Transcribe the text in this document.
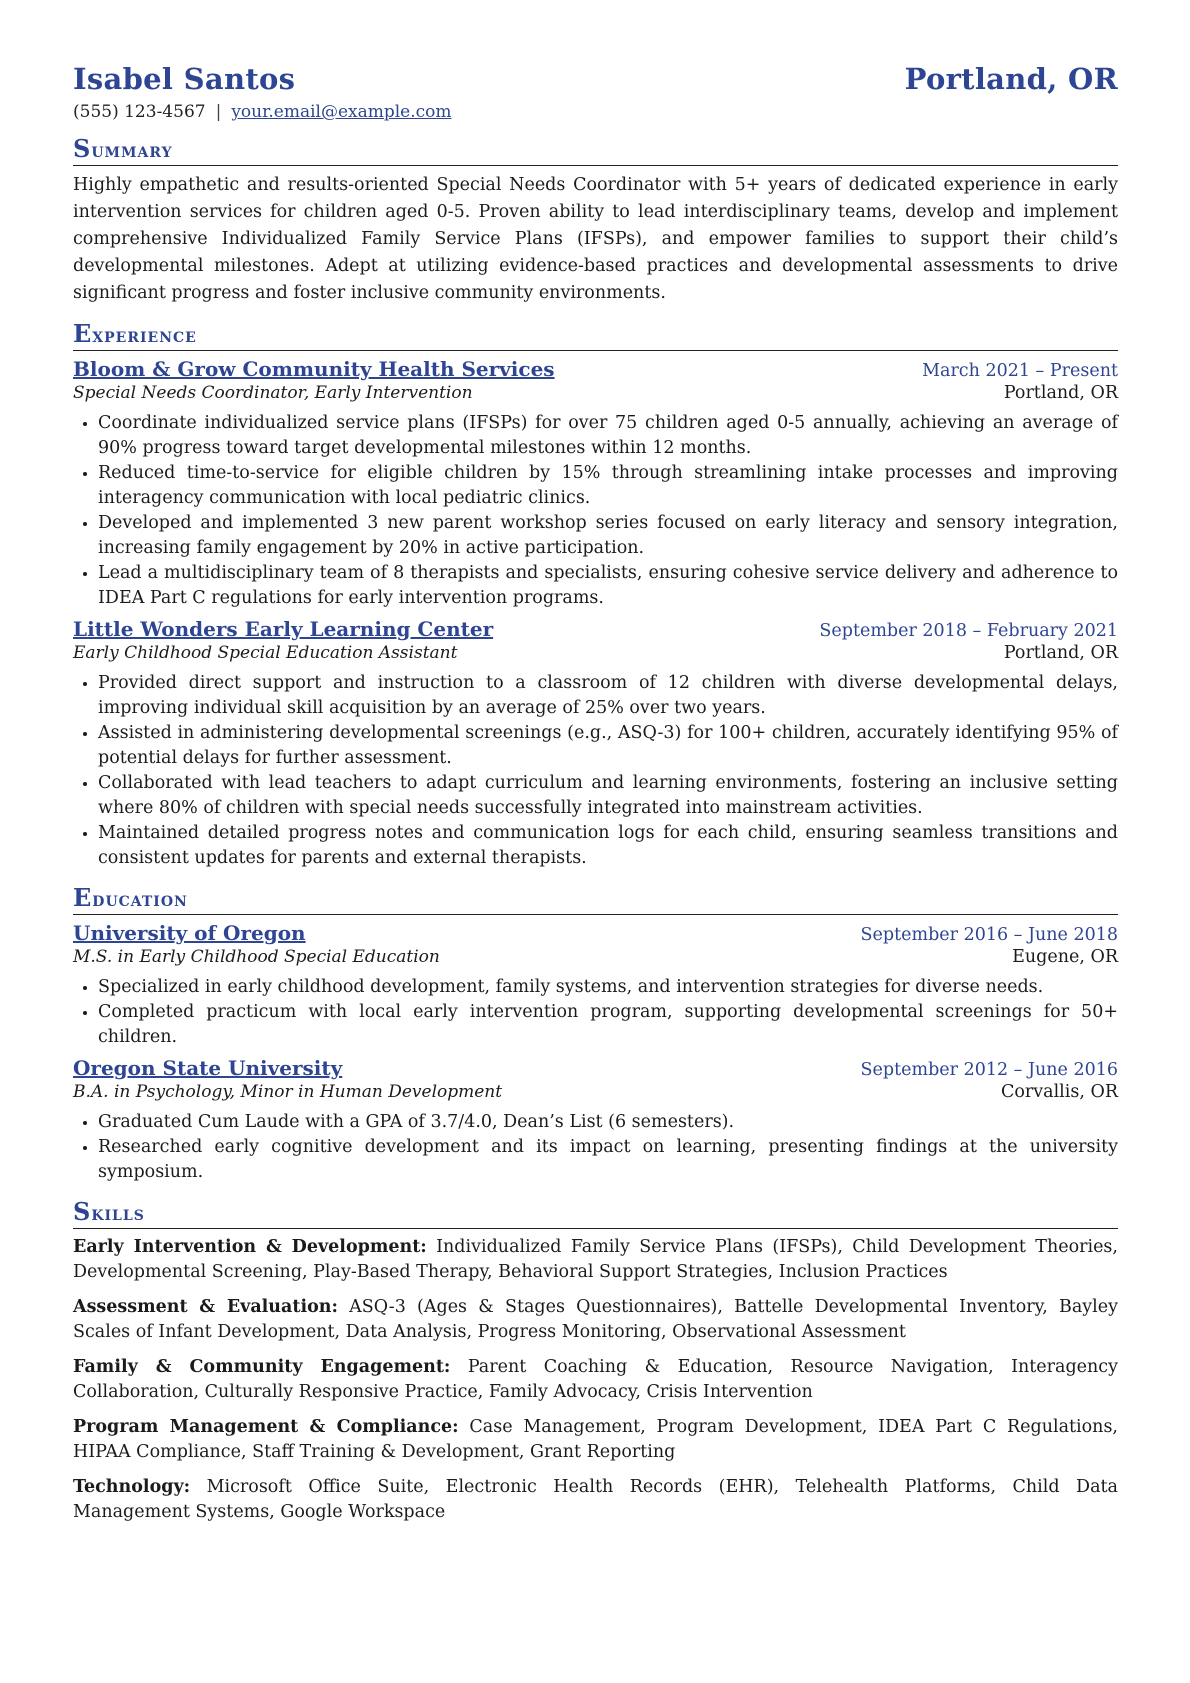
Isabel Santos	Portland, OR
(555) 123-4567 | your.email@example.com
Summary
Highly empathetic and results-oriented Special Needs Coordinator with 5+ years of dedicated experience in early intervention services for children aged 0-5. Proven ability to lead interdisciplinary teams, develop and implement comprehensive Individualized Family Service Plans (IFSPs), and empower families to support their child’s developmental milestones. Adept at utilizing evidence-based practices and developmental assessments to drive significant progress and foster inclusive community environments.
Experience
Bloom & Grow Community Health Services	March 2021 – Present
Special Needs Coordinator, Early Intervention	Portland, OR
• Coordinate individualized service plans (IFSPs) for over 75 children aged 0-5 annually, achieving an average of 90% progress toward target developmental milestones within 12 months.
• Reduced time-to-service for eligible children by 15% through streamlining intake processes and improving interagency communication with local pediatric clinics.
• Developed and implemented 3 new parent workshop series focused on early literacy and sensory integration, increasing family engagement by 20% in active participation.
• Lead a multidisciplinary team of 8 therapists and specialists, ensuring cohesive service delivery and adherence to IDEA Part C regulations for early intervention programs.
Little Wonders Early Learning Center	September 2018 – February 2021
Early Childhood Special Education Assistant	Portland, OR
• Provided direct support and instruction to a classroom of 12 children with diverse developmental delays, improving individual skill acquisition by an average of 25% over two years.
• Assisted in administering developmental screenings (e.g., ASQ-3) for 100+ children, accurately identifying 95% of potential delays for further assessment.
• Collaborated with lead teachers to adapt curriculum and learning environments, fostering an inclusive setting where 80% of children with special needs successfully integrated into mainstream activities.
• Maintained detailed progress notes and communication logs for each child, ensuring seamless transitions and consistent updates for parents and external therapists.
Education
University of Oregon	September 2016 – June 2018
M.S. in Early Childhood Special Education	Eugene, OR
• Specialized in early childhood development, family systems, and intervention strategies for diverse needs.
• Completed practicum with local early intervention program, supporting developmental screenings for 50+ children.
Oregon State University	September 2012 – June 2016
B.A. in Psychology, Minor in Human Development	Corvallis, OR
• Graduated Cum Laude with a GPA of 3.7/4.0, Dean’s List (6 semesters).
• Researched early cognitive development and its impact on learning, presenting findings at the university symposium.
Skills
Early Intervention & Development: Individualized Family Service Plans (IFSPs), Child Development Theories, Developmental Screening, Play-Based Therapy, Behavioral Support Strategies, Inclusion Practices
Assessment & Evaluation: ASQ-3 (Ages & Stages Questionnaires), Battelle Developmental Inventory, Bayley Scales of Infant Development, Data Analysis, Progress Monitoring, Observational Assessment
Family & Community Engagement: Parent Coaching & Education, Resource Navigation, Interagency Collaboration, Culturally Responsive Practice, Family Advocacy, Crisis Intervention
Program Management & Compliance: Case Management, Program Development, IDEA Part C Regulations, HIPAA Compliance, Staff Training & Development, Grant Reporting
Technology: Microsoft Office Suite, Electronic Health Records (EHR), Telehealth Platforms, Child Data Management Systems, Google Workspace
